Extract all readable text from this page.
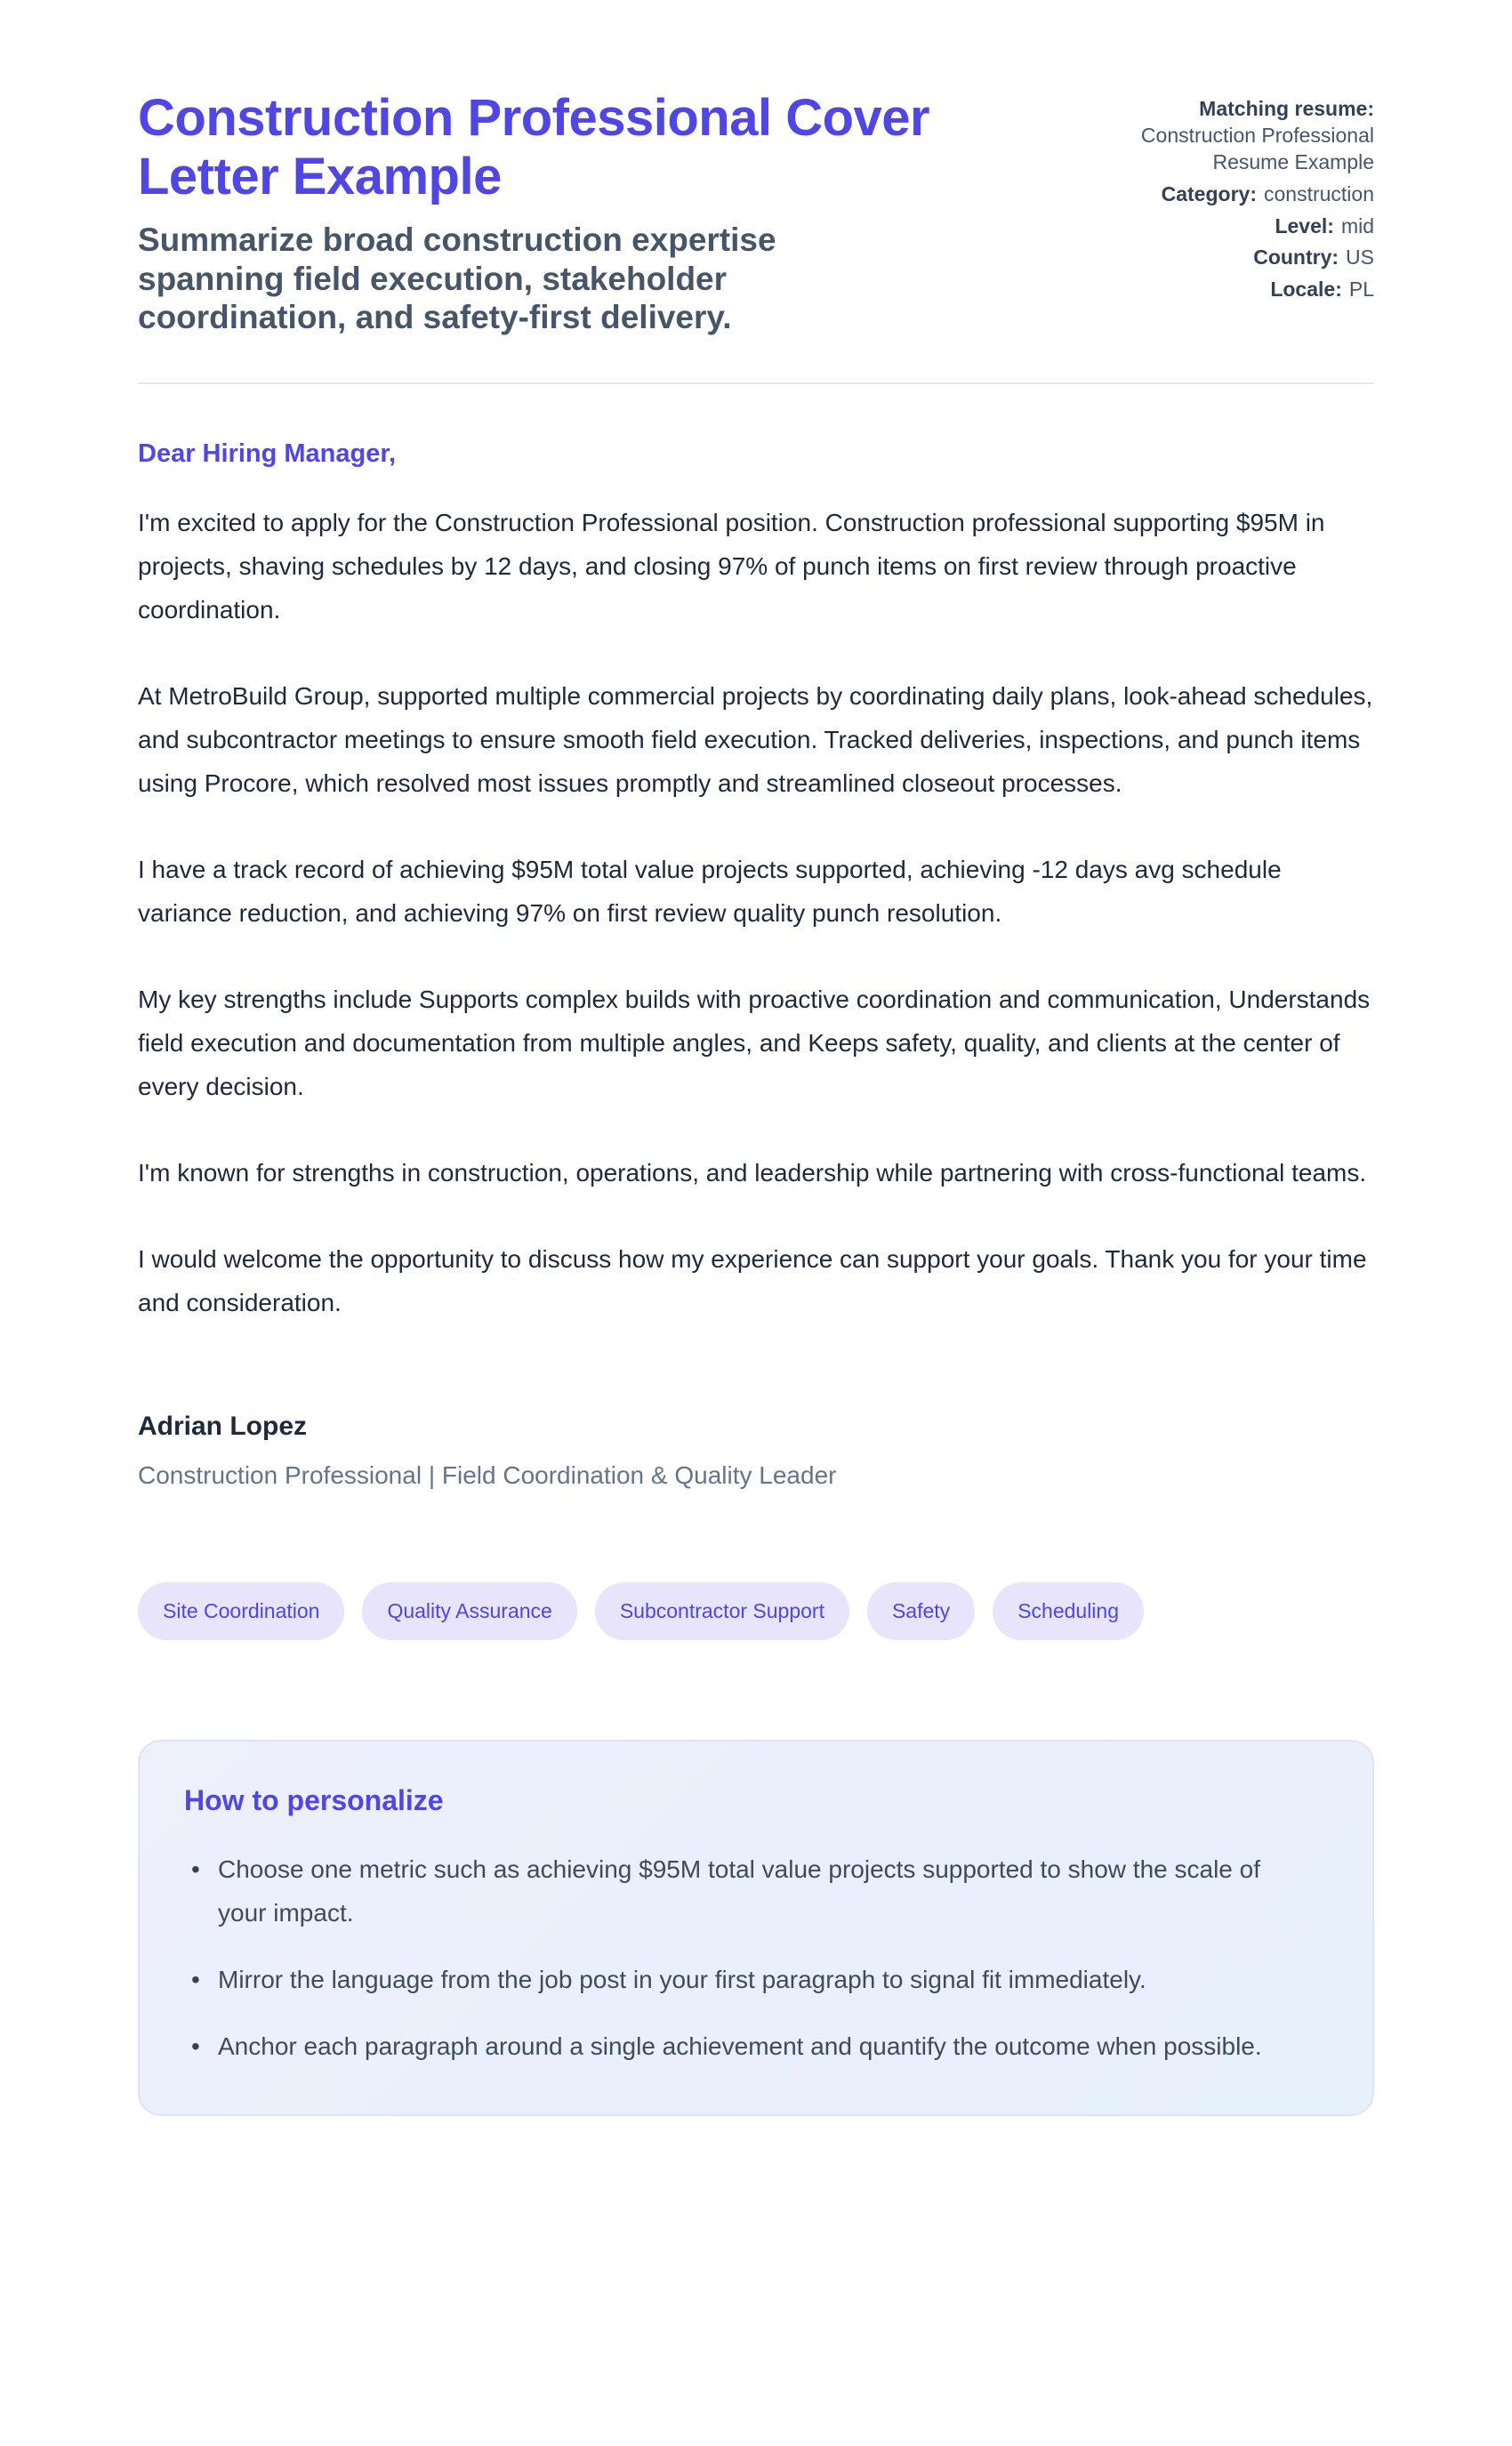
Construction Professional Cover Letter Example
Summarize broad construction expertise spanning field execution, stakeholder coordination, and safety-first delivery.
Matching resume:
Construction Professional Resume Example
Category: construction
Level: mid
Country: US
Locale: PL
Dear Hiring Manager,

I'm excited to apply for the Construction Professional position. Construction professional supporting $95M in projects, shaving schedules by 12 days, and closing 97% of punch items on first review through proactive coordination.

At MetroBuild Group, supported multiple commercial projects by coordinating daily plans, look-ahead schedules, and subcontractor meetings to ensure smooth field execution. Tracked deliveries, inspections, and punch items using Procore, which resolved most issues promptly and streamlined closeout processes.

I have a track record of achieving $95M total value projects supported, achieving -12 days avg schedule variance reduction, and achieving 97% on first review quality punch resolution.

My key strengths include Supports complex builds with proactive coordination and communication, Understands field execution and documentation from multiple angles, and Keeps safety, quality, and clients at the center of every decision.

I'm known for strengths in construction, operations, and leadership while partnering with cross-functional teams.

I would welcome the opportunity to discuss how my experience can support your goals. Thank you for your time and consideration.

Adrian Lopez
Construction Professional | Field Coordination & Quality Leader
Site Coordination	Quality Assurance	Subcontractor Support	Safety	Scheduling
How to personalize
• Choose one metric such as achieving $95M total value projects supported to show the scale of your impact.
• Mirror the language from the job post in your first paragraph to signal fit immediately.
• Anchor each paragraph around a single achievement and quantify the outcome when possible.
